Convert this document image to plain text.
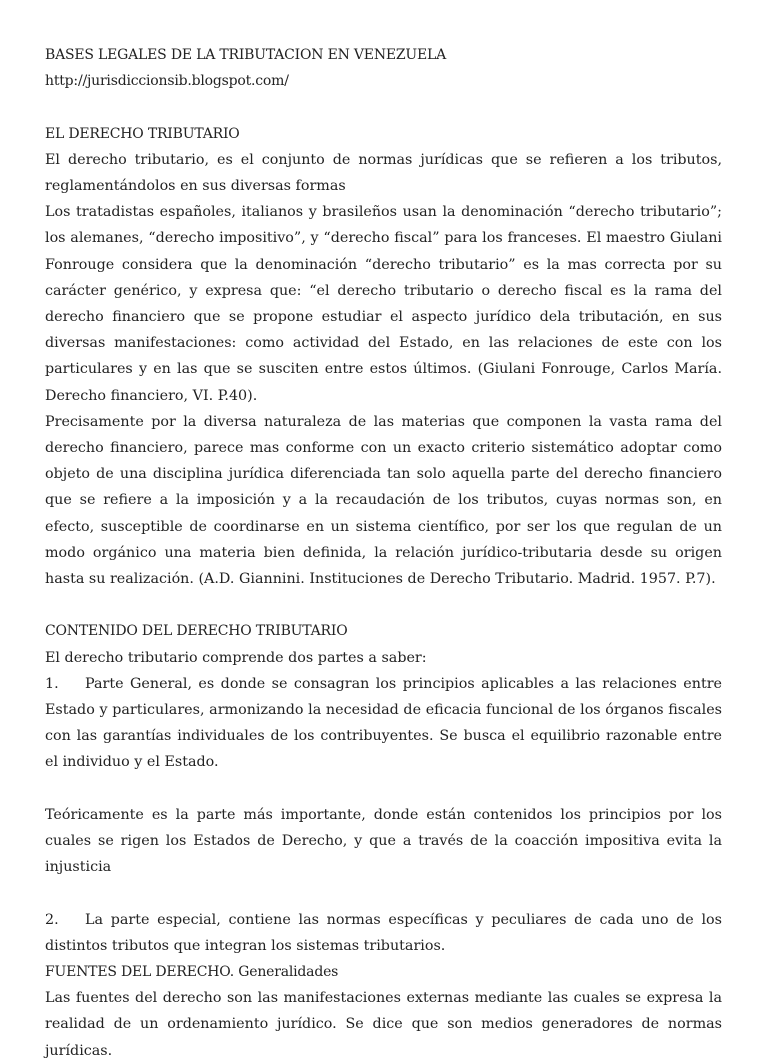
BASES LEGALES DE LA TRIBUTACION EN VENEZUELA

http://jurisdiccionsib.blogspot.com/

EL DERECHO TRIBUTARIO

El derecho tributario, es el conjunto de normas jurídicas que se refieren a los tributos, reglamentándolos en sus diversas formas

Los tratadistas españoles, italianos y brasileños usan la denominación “derecho tributario”; los alemanes, “derecho impositivo”, y “derecho fiscal” para los franceses. El maestro Giulani Fonrouge considera que la denominación “derecho tributario” es la mas correcta por su carácter genérico, y expresa que: “el derecho tributario o derecho fiscal es la rama del derecho financiero que se propone estudiar el aspecto jurídico dela tributación, en sus diversas manifestaciones: como actividad del Estado, en las relaciones de este con los particulares y en las que se susciten entre estos últimos. (Giulani Fonrouge, Carlos María. Derecho financiero, VI. P.40).

Precisamente por la diversa naturaleza de las materias que componen la vasta rama del derecho financiero, parece mas conforme con un exacto criterio sistemático adoptar como objeto de una disciplina jurídica diferenciada tan solo aquella parte del derecho financiero que se refiere a la imposición y a la recaudación de los tributos, cuyas normas son, en efecto, susceptible de coordinarse en un sistema científico, por ser los que regulan de un modo orgánico una materia bien definida, la relación jurídico-tributaria desde su origen hasta su realización. (A.D. Giannini. Instituciones de Derecho Tributario. Madrid. 1957. P.7).

CONTENIDO DEL DERECHO TRIBUTARIO

El derecho tributario comprende dos partes a saber:

1. Parte General, es donde se consagran los principios aplicables a las relaciones entre Estado y particulares, armonizando la necesidad de eficacia funcional de los órganos fiscales con las garantías individuales de los contribuyentes. Se busca el equilibrio razonable entre el individuo y el Estado.

Teóricamente es la parte más importante, donde están contenidos los principios por los cuales se rigen los Estados de Derecho, y que a través de la coacción impositiva evita la injusticia

2. La parte especial, contiene las normas específicas y peculiares de cada uno de los distintos tributos que integran los sistemas tributarios.

FUENTES DEL DERECHO. Generalidades

Las fuentes del derecho son las manifestaciones externas mediante las cuales se expresa la realidad de un ordenamiento jurídico. Se dice que son medios generadores de normas jurídicas.
